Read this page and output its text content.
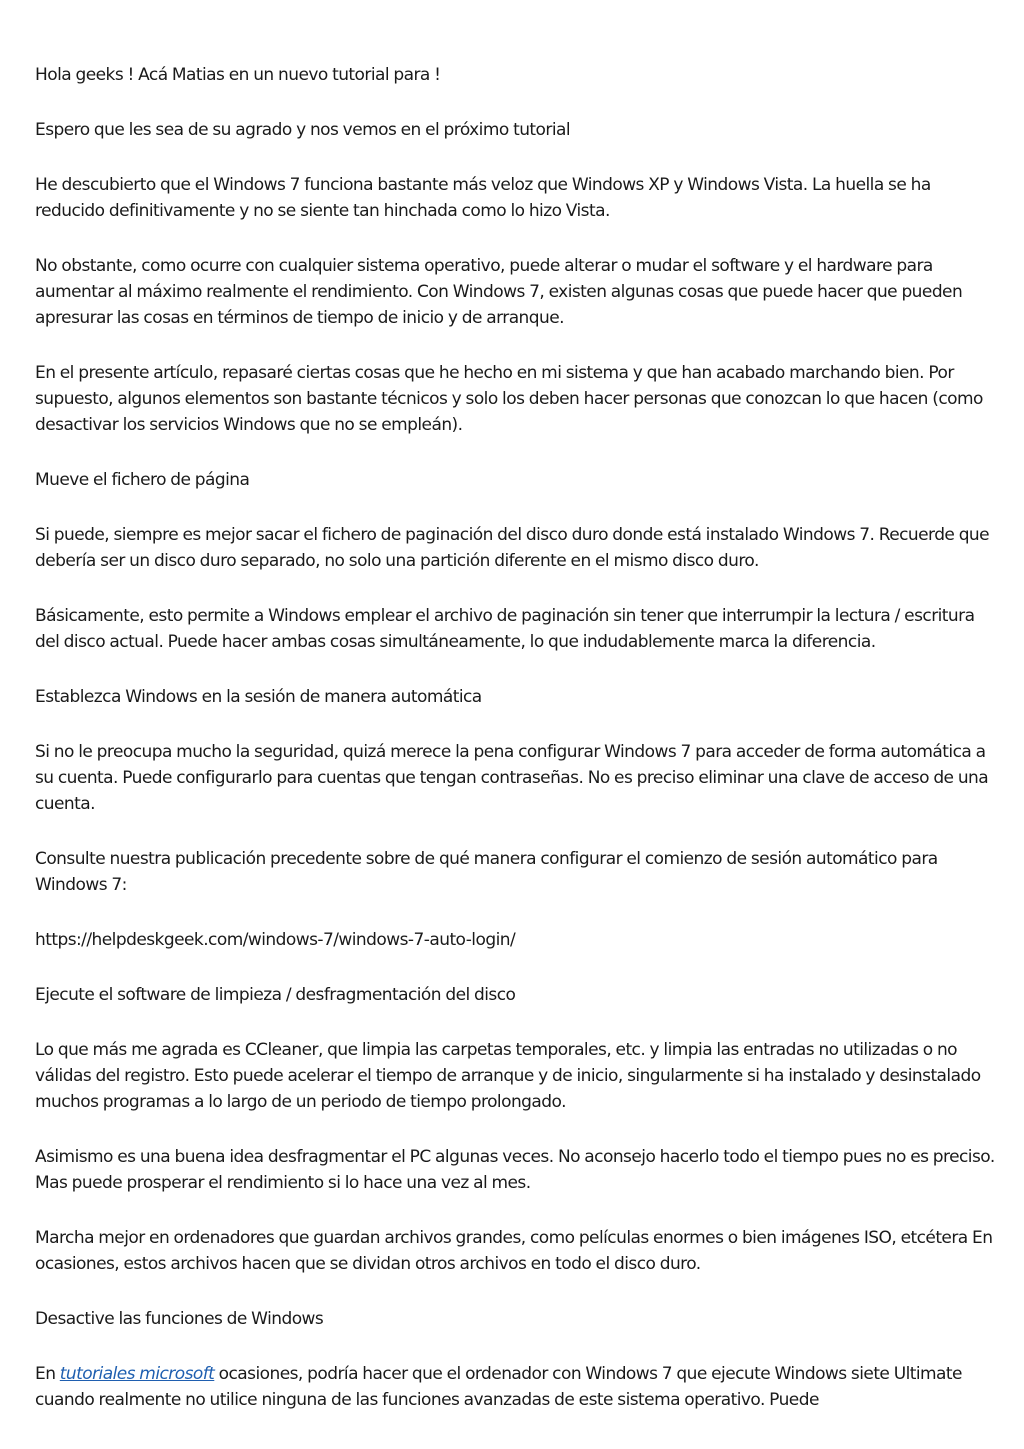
Hola geeks ! Acá Matias en un nuevo tutorial para !

Espero que les sea de su agrado y nos vemos en el próximo tutorial

He descubierto que el Windows 7 funciona bastante más veloz que Windows XP y Windows Vista. La huella se ha reducido definitivamente y no se siente tan hinchada como lo hizo Vista.

No obstante, como ocurre con cualquier sistema operativo, puede alterar o mudar el software y el hardware para aumentar al máximo realmente el rendimiento. Con Windows 7, existen algunas cosas que puede hacer que pueden apresurar las cosas en términos de tiempo de inicio y de arranque.

En el presente artículo, repasaré ciertas cosas que he hecho en mi sistema y que han acabado marchando bien. Por supuesto, algunos elementos son bastante técnicos y solo los deben hacer personas que conozcan lo que hacen (como desactivar los servicios Windows que no se empleán).

Mueve el fichero de página

Si puede, siempre es mejor sacar el fichero de paginación del disco duro donde está instalado Windows 7. Recuerde que debería ser un disco duro separado, no solo una partición diferente en el mismo disco duro.

Básicamente, esto permite a Windows emplear el archivo de paginación sin tener que interrumpir la lectura / escritura del disco actual. Puede hacer ambas cosas simultáneamente, lo que indudablemente marca la diferencia.

Establezca Windows en la sesión de manera automática

Si no le preocupa mucho la seguridad, quizá merece la pena configurar Windows 7 para acceder de forma automática a su cuenta. Puede configurarlo para cuentas que tengan contraseñas. No es preciso eliminar una clave de acceso de una cuenta.

Consulte nuestra publicación precedente sobre de qué manera configurar el comienzo de sesión automático para Windows 7:

https://helpdeskgeek.com/windows-7/windows-7-auto-login/

Ejecute el software de limpieza / desfragmentación del disco

Lo que más me agrada es CCleaner, que limpia las carpetas temporales, etc. y limpia las entradas no utilizadas o no válidas del registro. Esto puede acelerar el tiempo de arranque y de inicio, singularmente si ha instalado y desinstalado muchos programas a lo largo de un periodo de tiempo prolongado.

Asimismo es una buena idea desfragmentar el PC algunas veces. No aconsejo hacerlo todo el tiempo pues no es preciso. Mas puede prosperar el rendimiento si lo hace una vez al mes.

Marcha mejor en ordenadores que guardan archivos grandes, como películas enormes o bien imágenes ISO, etcétera En ocasiones, estos archivos hacen que se dividan otros archivos en todo el disco duro.

Desactive las funciones de Windows

En tutoriales microsoft ocasiones, podría hacer que el ordenador con Windows 7 que ejecute Windows siete Ultimate cuando realmente no utilice ninguna de las funciones avanzadas de este sistema operativo. Puede
